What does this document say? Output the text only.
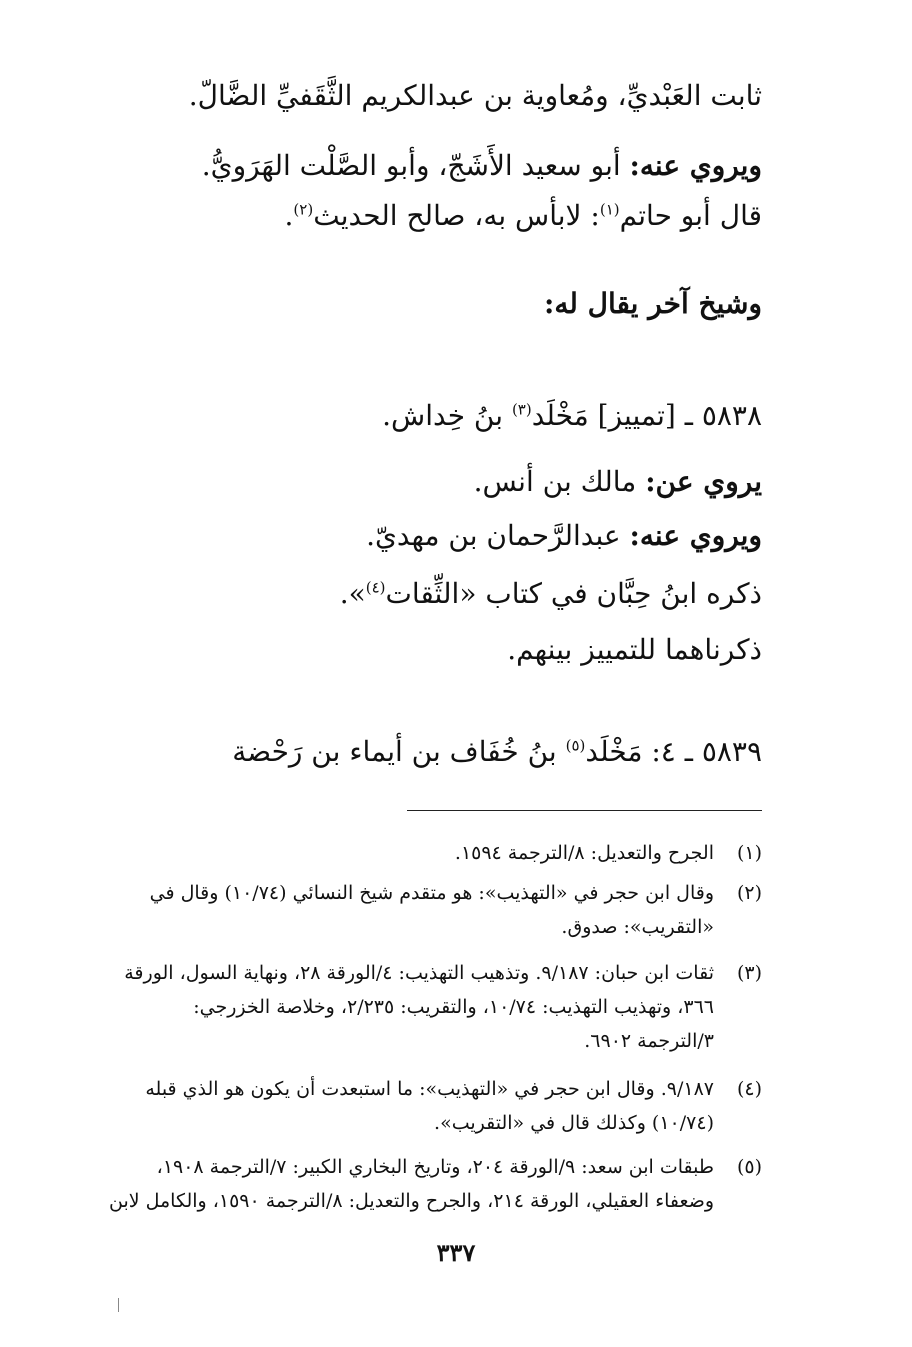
ثابت العَبْديِّ، ومُعاوية بن عبدالكريم الثَّقَفيِّ الضَّالّ.
ويروي عنه: أبو سعيد الأَشَجّ، وأبو الصَّلْت الهَرَويُّ.
قال أبو حاتم$^{(١)}$: لابأس به، صالح الحديث$^{(٢)}$.
وشيخ آخر يقال له:
٥٨٣٨ ـ [تمييز] مَخْلَد$^{(٣)}$ بنُ خِداش.
يروي عن: مالك بن أنس.
ويروي عنه: عبدالرَّحمان بن مهديّ.
ذكره ابنُ حِبَّان في كتاب «الثِّقات$^{(٤)}$».
ذكرناهما للتمييز بينهم.
٥٨٣٩ ـ ٤: مَخْلَد$^{(٥)}$ بنُ خُفَاف بن أيماء بن رَحْضة
(١)
الجرح والتعديل: ٨/الترجمة ١٥٩٤.
(٢)
وقال ابن حجر في «التهذيب»: هو متقدم شيخ النسائي (١٠/٧٤) وقال في
«التقريب»: صدوق.
(٣)
ثقات ابن حبان: ٩/١٨٧. وتذهيب التهذيب: ٤/الورقة ٢٨، ونهاية السول، الورقة
٣٦٦، وتهذيب التهذيب: ١٠/٧٤، والتقريب: ٢/٢٣٥، وخلاصة الخزرجي:
٣/الترجمة ٦٩٠٢.
(٤)
٩/١٨٧. وقال ابن حجر في «التهذيب»: ما استبعدت أن يكون هو الذي قبله
(١٠/٧٤) وكذلك قال في «التقريب».
(٥)
طبقات ابن سعد: ٩/الورقة ٢٠٤، وتاريخ البخاري الكبير: ٧/الترجمة ١٩٠٨،
وضعفاء العقيلي، الورقة ٢١٤، والجرح والتعديل: ٨/الترجمة ١٥٩٠، والكامل لابن
٣٣٧
